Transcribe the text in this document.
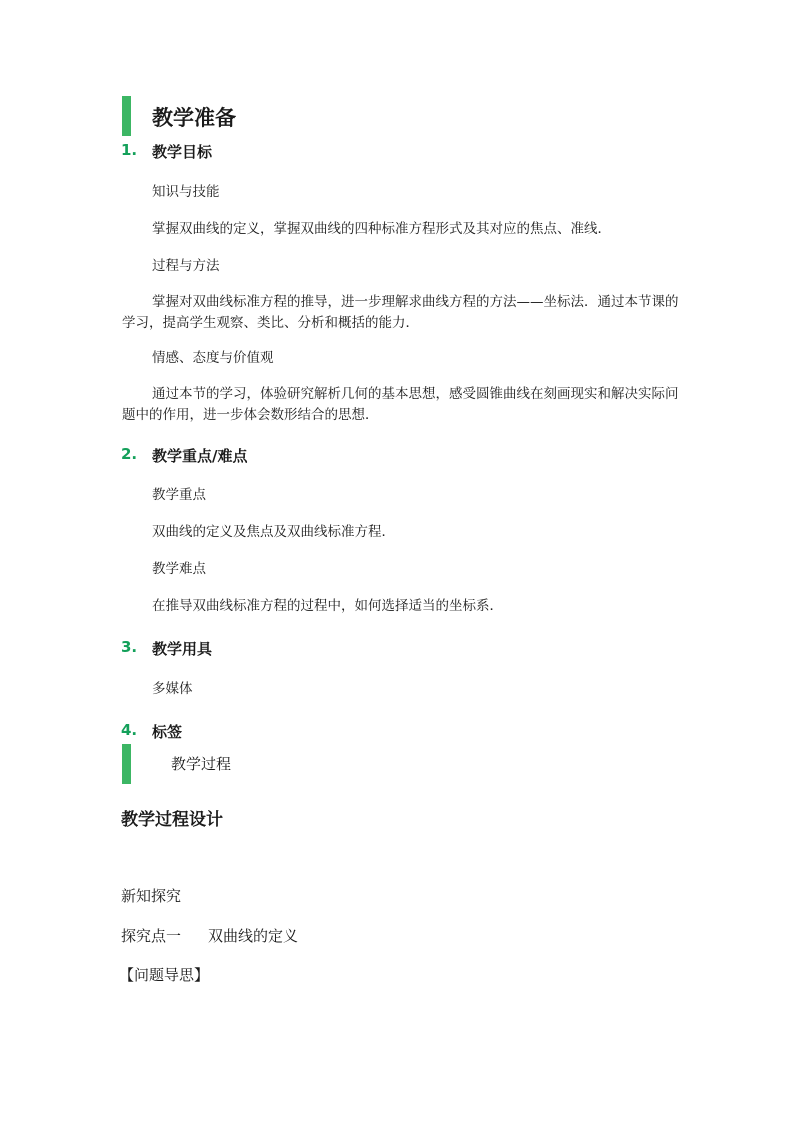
教学准备
1. 教学目标
知识与技能
掌握双曲线的定义，掌握双曲线的四种标准方程形式及其对应的焦点、准线．
过程与方法
掌握对双曲线标准方程的推导，进一步理解求曲线方程的方法——坐标法．通过本节课的学习，提高学生观察、类比、分析和概括的能力．
情感、态度与价值观
通过本节的学习，体验研究解析几何的基本思想，感受圆锥曲线在刻画现实和解决实际问题中的作用，进一步体会数形结合的思想．
2. 教学重点/难点
教学重点
双曲线的定义及焦点及双曲线标准方程．
教学难点
在推导双曲线标准方程的过程中，如何选择适当的坐标系．
3. 教学用具
多媒体
4. 标签
教学过程
教学过程设计
新知探究
探究点一 双曲线的定义
【问题导思】
